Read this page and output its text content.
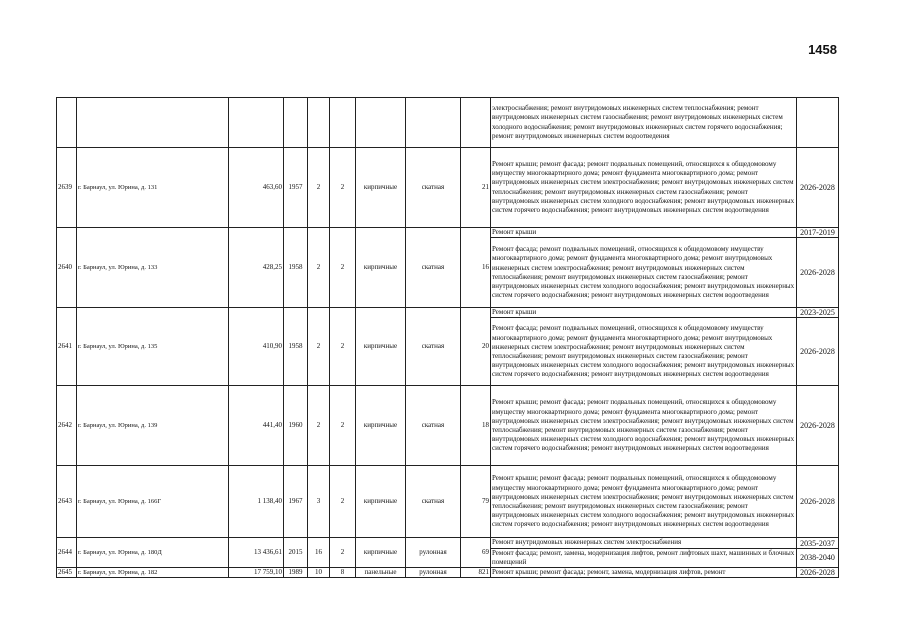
1458
									электроснабжения; ремонт внутридомовых инженерных систем теплоснабжения; ремонт внутридомовых инженерных систем газоснабжения; ремонт внутридомовых инженерных систем холодного водоснабжения; ремонт внутридомовых инженерных систем горячего водоснабжения; ремонт внутридомовых инженерных систем водоотведения	
2639	г. Барнаул, ул. Юрина, д. 131	463,60	1957	2	2	кирпичные	скатная	21	Ремонт крыши; ремонт фасада; ремонт подвальных помещений, относящихся к общедомовому имуществу многоквартирного дома; ремонт фундамента многоквартирного дома; ремонт внутридомовых инженерных систем электроснабжения; ремонт внутридомовых инженерных систем теплоснабжения; ремонт внутридомовых инженерных систем газоснабжения; ремонт внутридомовых инженерных систем холодного водоснабжения; ремонт внутридомовых инженерных систем горячего водоснабжения; ремонт внутридомовых инженерных систем водоотведения	2026-2028
2640	г. Барнаул, ул. Юрина, д. 133	428,25	1958	2	2	кирпичные	скатная	16	Ремонт крыши	2017-2019
									Ремонт фасада; ремонт подвальных помещений, относящихся к общедомовому имуществу многоквартирного дома; ремонт фундамента многоквартирного дома; ремонт внутридомовых инженерных систем электроснабжения; ремонт внутридомовых инженерных систем теплоснабжения; ремонт внутридомовых инженерных систем газоснабжения; ремонт внутридомовых инженерных систем холодного водоснабжения; ремонт внутридомовых инженерных систем горячего водоснабжения; ремонт внутридомовых инженерных систем водоотведения	2026-2028
2641	г. Барнаул, ул. Юрина, д. 135	410,90	1958	2	2	кирпичные	скатная	20	Ремонт крыши	2023-2025
									Ремонт фасада; ремонт подвальных помещений, относящихся к общедомовому имуществу многоквартирного дома; ремонт фундамента многоквартирного дома; ремонт внутридомовых инженерных систем электроснабжения; ремонт внутридомовых инженерных систем теплоснабжения; ремонт внутридомовых инженерных систем газоснабжения; ремонт внутридомовых инженерных систем холодного водоснабжения; ремонт внутридомовых инженерных систем горячего водоснабжения; ремонт внутридомовых инженерных систем водоотведения	2026-2028
2642	г. Барнаул, ул. Юрина, д. 139	441,40	1960	2	2	кирпичные	скатная	18	Ремонт крыши; ремонт фасада; ремонт подвальных помещений, относящихся к общедомовому имуществу многоквартирного дома; ремонт фундамента многоквартирного дома; ремонт внутридомовых инженерных систем электроснабжения; ремонт внутридомовых инженерных систем теплоснабжения; ремонт внутридомовых инженерных систем газоснабжения; ремонт внутридомовых инженерных систем холодного водоснабжения; ремонт внутридомовых инженерных систем горячего водоснабжения; ремонт внутридомовых инженерных систем водоотведения	2026-2028
2643	г. Барнаул, ул. Юрина, д. 166Г	1 138,40	1967	3	2	кирпичные	скатная	79	Ремонт крыши; ремонт фасада; ремонт подвальных помещений, относящихся к общедомовому имуществу многоквартирного дома; ремонт фундамента многоквартирного дома; ремонт внутридомовых инженерных систем электроснабжения; ремонт внутридомовых инженерных систем теплоснабжения; ремонт внутридомовых инженерных систем газоснабжения; ремонт внутридомовых инженерных систем холодного водоснабжения; ремонт внутридомовых инженерных систем горячего водоснабжения; ремонт внутридомовых инженерных систем водоотведения	2026-2028
2644	г. Барнаул, ул. Юрина, д. 180Д	13 436,61	2015	16	2	кирпичные	рулонная	69	Ремонт внутридомовых инженерных систем электроснабжения	2035-2037
									Ремонт фасада; ремонт, замена, модернизация лифтов, ремонт лифтовых шахт, машинных и блочных помещений	2038-2040
2645	г. Барнаул, ул. Юрина, д. 182	17 759,10	1989	10	8	панельные	рулонная	821	Ремонт крыши; ремонт фасада; ремонт, замена, модернизация лифтов, ремонт	2026-2028
